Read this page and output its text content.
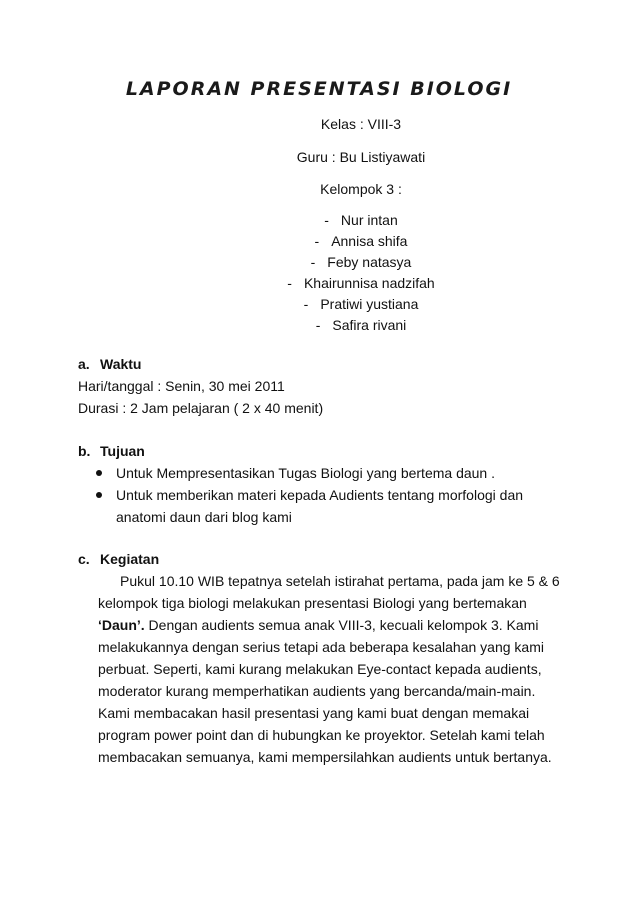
LAPORAN PRESENTASI BIOLOGI
Kelas : VIII-3
Guru : Bu Listiyawati
Kelompok 3 :
- Nur intan
- Annisa shifa
- Feby natasya
- Khairunnisa nadzifah
- Pratiwi yustiana
- Safira rivani
a. Waktu
Hari/tanggal : Senin, 30 mei 2011
Durasi : 2 Jam pelajaran ( 2 x 40 menit)
b. Tujuan
Untuk Mempresentasikan Tugas Biologi yang bertema daun .
Untuk memberikan materi kepada Audients tentang morfologi dan
anatomi daun dari blog kami
c. Kegiatan
Pukul 10.10 WIB tepatnya setelah istirahat pertama, pada jam ke 5 & 6
kelompok tiga biologi melakukan presentasi Biologi yang bertemakan
‘Daun’. Dengan audients semua anak VIII-3, kecuali kelompok 3. Kami
melakukannya dengan serius tetapi ada beberapa kesalahan yang kami
perbuat. Seperti, kami kurang melakukan Eye-contact kepada audients,
moderator kurang memperhatikan audients yang bercanda/main-main.
Kami membacakan hasil presentasi yang kami buat dengan memakai
program power point dan di hubungkan ke proyektor. Setelah kami telah
membacakan semuanya, kami mempersilahkan audients untuk bertanya.
